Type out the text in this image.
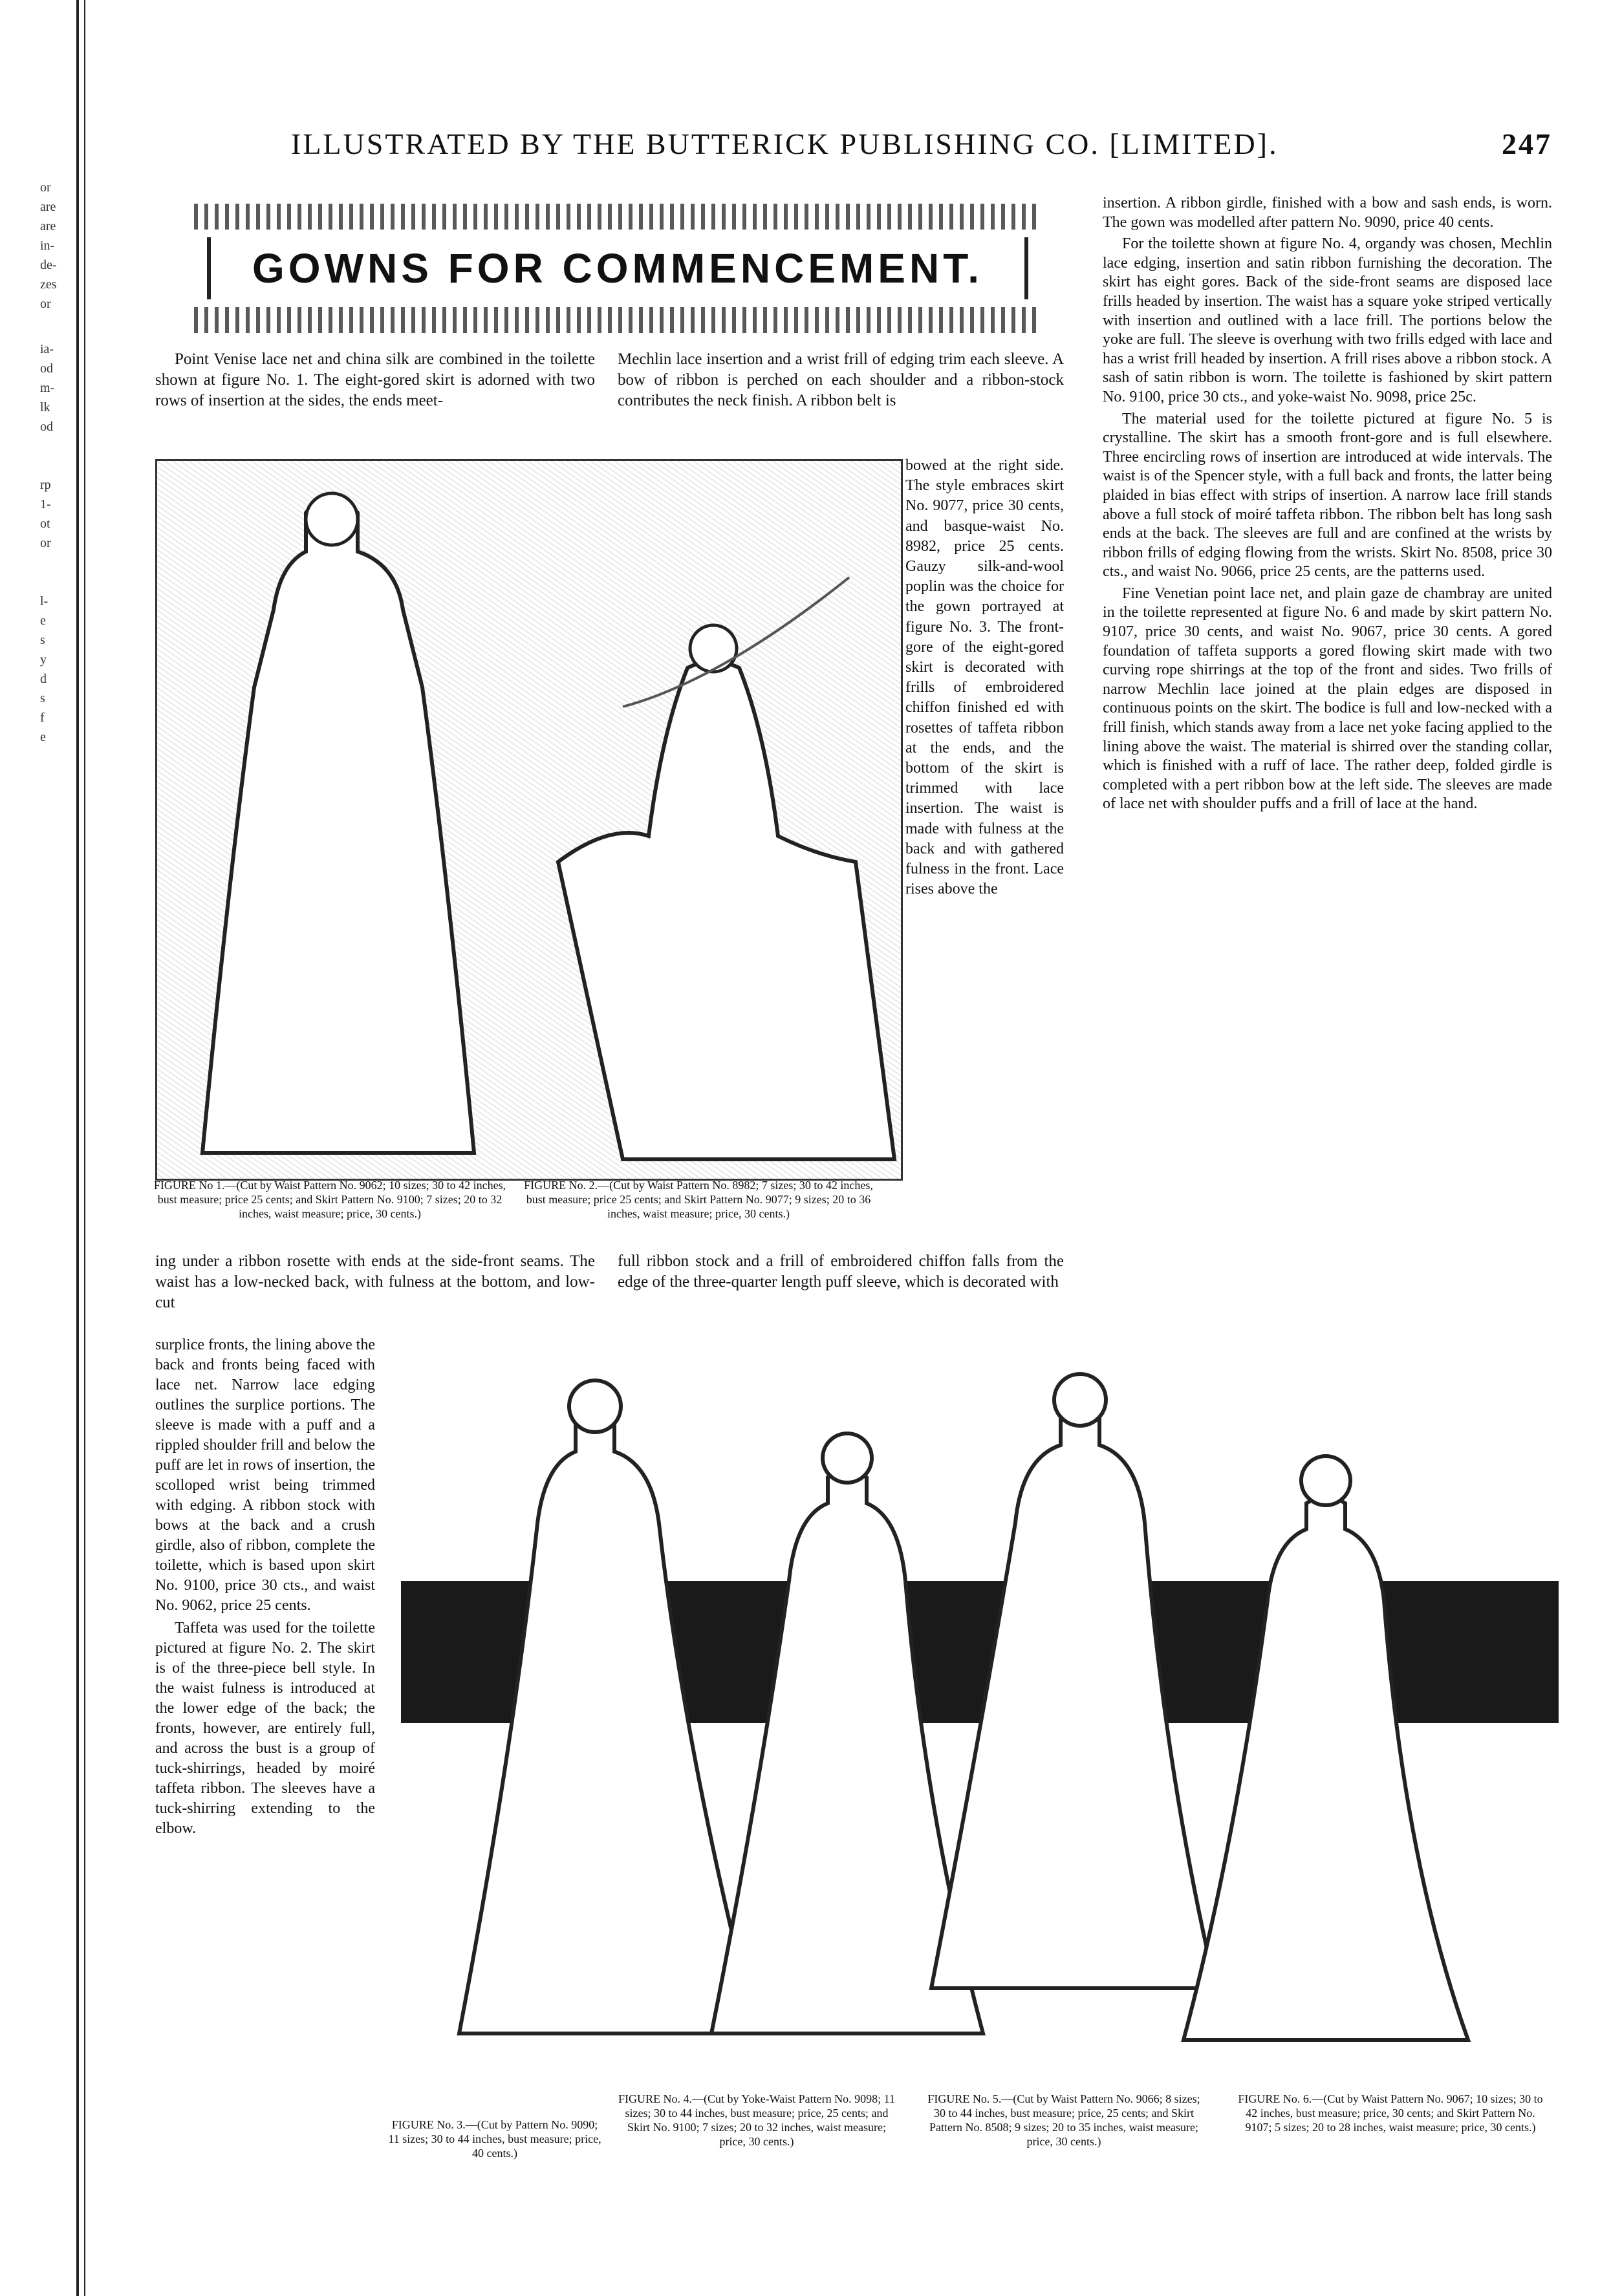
or
are
are
in-
de-
zes
or
ia-
od
m-
lk
od
rp
1-
ot
or
l-
e
s
y
d
s
f
e
ILLUSTRATED BY THE BUTTERICK PUBLISHING CO. [LIMITED].	247
GOWNS FOR COMMENCEMENT.

Point Venise lace net and china silk are combined in the toilette shown at figure No. 1. The eight-gored skirt is adorned with two rows of insertion at the sides, the ends meet-

Mechlin lace insertion and a wrist frill of edging trim each sleeve. A bow of ribbon is perched on each shoulder and a ribbon-stock contributes the neck finish. A ribbon belt is

bowed at the right side. The style embraces skirt No. 9077, price 30 cents, and basque-waist No. 8982, price 25 cents. Gauzy silk-and-wool poplin was the choice for the gown portrayed at figure No. 3. The front-gore of the eight-gored skirt is decorated with frills of embroidered chiffon finished ed with rosettes of taffeta ribbon at the ends, and the bottom of the skirt is trimmed with lace insertion. The waist is made with fulness at the back and with gathered fulness in the front. Lace rises above the

FIGURE No 1.—(Cut by Waist Pattern No. 9062; 10 sizes; 30 to 42 inches, bust measure; price 25 cents; and Skirt Pattern No. 9100; 7 sizes; 20 to 32 inches, waist measure; price, 30 cents.)
FIGURE No. 2.—(Cut by Waist Pattern No. 8982; 7 sizes; 30 to 42 inches, bust measure; price 25 cents; and Skirt Pattern No. 9077; 9 sizes; 20 to 36 inches, waist measure; price, 30 cents.)

ing under a ribbon rosette with ends at the side-front seams. The waist has a low-necked back, with fulness at the bottom, and low-cut

full ribbon stock and a frill of embroidered chiffon falls from the edge of the three-quarter length puff sleeve, which is decorated with

insertion. A ribbon girdle, finished with a bow and sash ends, is worn. The gown was modelled after pattern No. 9090, price 40 cents.

For the toilette shown at figure No. 4, organdy was chosen, Mechlin lace edging, insertion and satin ribbon furnishing the decoration. The skirt has eight gores. Back of the side-front seams are disposed lace frills headed by insertion. The waist has a square yoke striped vertically with insertion and outlined with a lace frill. The portions below the yoke are full. The sleeve is overhung with two frills edged with lace and has a wrist frill headed by insertion. A frill rises above a ribbon stock. A sash of satin ribbon is worn. The toilette is fashioned by skirt pattern No. 9100, price 30 cts., and yoke-waist No. 9098, price 25c.

The material used for the toilette pictured at figure No. 5 is crystalline. The skirt has a smooth front-gore and is full elsewhere. Three encircling rows of insertion are introduced at wide intervals. The waist is of the Spencer style, with a full back and fronts, the latter being plaided in bias effect with strips of insertion. A narrow lace frill stands above a full stock of moiré taffeta ribbon. The ribbon belt has long sash ends at the back. The sleeves are full and are confined at the wrists by ribbon frills of edging flowing from the wrists. Skirt No. 8508, price 30 cts., and waist No. 9066, price 25 cents, are the patterns used.

Fine Venetian point lace net, and plain gaze de chambray are united in the toilette represented at figure No. 6 and made by skirt pattern No. 9107, price 30 cents, and waist No. 9067, price 30 cents. A gored foundation of taffeta supports a gored flowing skirt made with two curving rope shirrings at the top of the front and sides. Two frills of narrow Mechlin lace joined at the plain edges are disposed in continuous points on the skirt. The bodice is full and low-necked with a frill finish, which stands away from a lace net yoke facing applied to the lining above the waist. The material is shirred over the standing collar, which is finished with a ruff of lace. The rather deep, folded girdle is completed with a pert ribbon bow at the left side. The sleeves are made of lace net with shoulder puffs and a frill of lace at the hand.

surplice fronts, the lining above the back and fronts being faced with lace net. Narrow lace edging outlines the surplice portions. The sleeve is made with a puff and a rippled shoulder frill and below the puff are let in rows of insertion, the scolloped wrist being trimmed with edging. A ribbon stock with bows at the back and a crush girdle, also of ribbon, complete the toilette, which is based upon skirt No. 9100, price 30 cts., and waist No. 9062, price 25 cents.

Taffeta was used for the toilette pictured at figure No. 2. The skirt is of the three-piece bell style. In the waist fulness is introduced at the lower edge of the back; the fronts, however, are entirely full, and across the bust is a group of tuck-shirrings, headed by moiré taffeta ribbon. The sleeves have a tuck-shirring extending to the elbow.

FIGURE No. 3.—(Cut by Pattern No. 9090; 11 sizes; 30 to 44 inches, bust measure; price, 40 cents.)
FIGURE No. 4.—(Cut by Yoke-Waist Pattern No. 9098; 11 sizes; 30 to 44 inches, bust measure; price, 25 cents; and Skirt No. 9100; 7 sizes; 20 to 32 inches, waist measure; price, 30 cents.)
FIGURE No. 5.—(Cut by Waist Pattern No. 9066; 8 sizes; 30 to 44 inches, bust measure; price, 25 cents; and Skirt Pattern No. 8508; 9 sizes; 20 to 35 inches, waist measure; price, 30 cents.)
FIGURE No. 6.—(Cut by Waist Pattern No. 9067; 10 sizes; 30 to 42 inches, bust measure; price, 30 cents; and Skirt Pattern No. 9107; 5 sizes; 20 to 28 inches, waist measure; price, 30 cents.)
